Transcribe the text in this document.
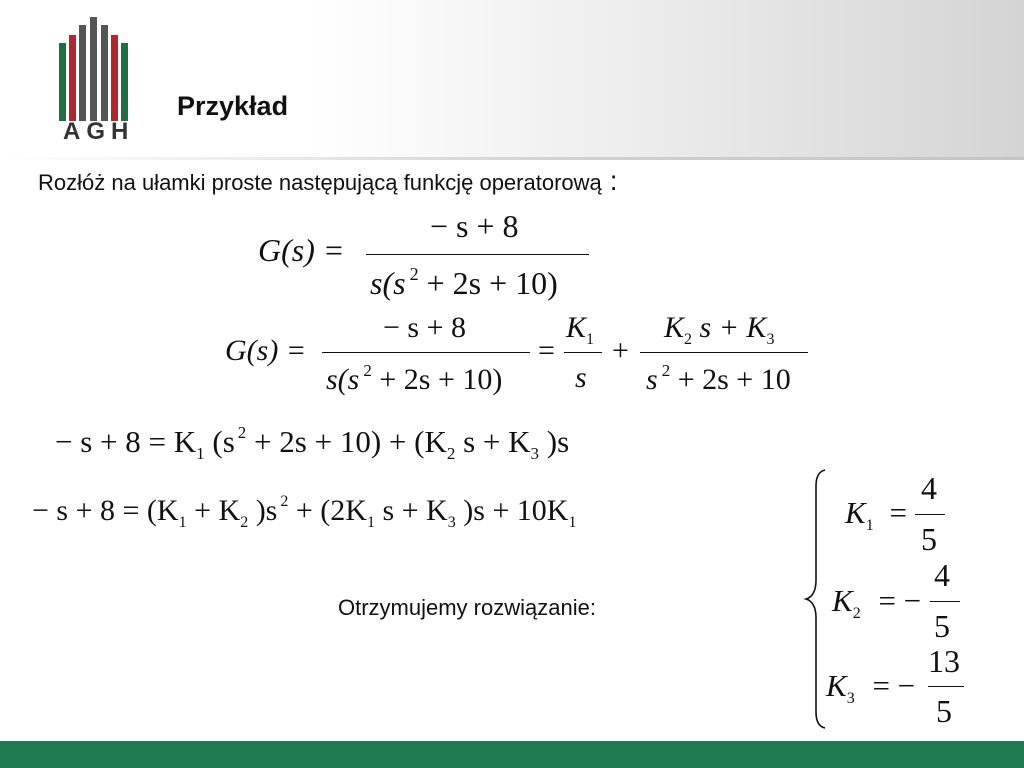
AGH
Przykład
Rozłóż na ułamki proste następującą funkcję operatorową :
G(s) =
− s + 8
s(s $^2$ + 2s + 10)
G(s) =
− s + 8
s(s $^2$ + 2s + 10)
=
$K_1$
s
+
$K_2$ $s + K_3$
s $^2$ + 2s + 10
− $s + 8 = K_1$ (s $^2 + 2s + 10) + (K_2$ $s + K_3$ )s
− $s + 8 = (K_1 + K_2$ )s $^2 + (2K_1$ $s + K_3$ )$s + 10K_1$
Otrzymujemy rozwiązanie:
$K_1$ =
4
5
$K_2$ = −
4
5
$K_3$ = −
13
5
